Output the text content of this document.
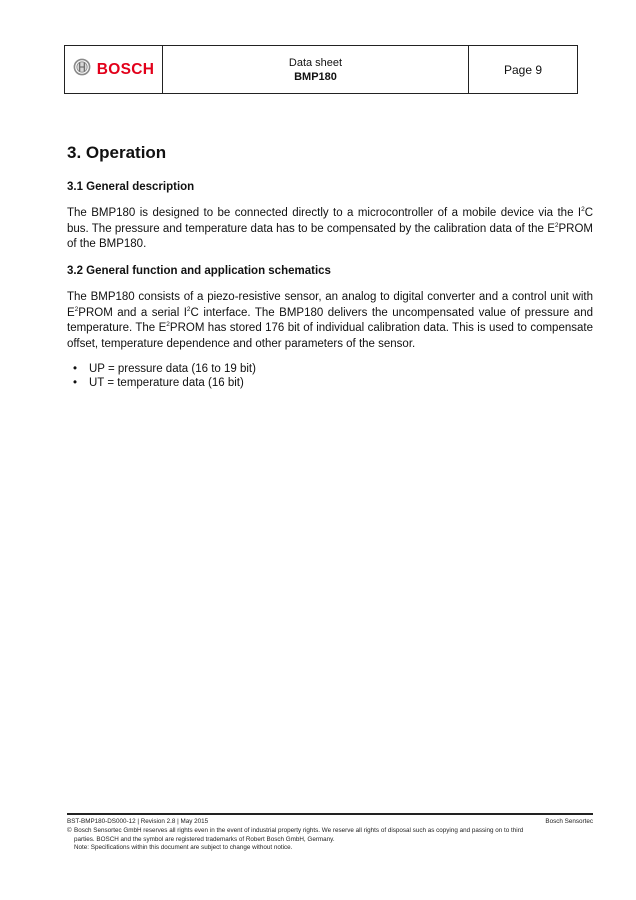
BOSCH	Data sheet
BMP180	Page 9
3. Operation
3.1 General description

The BMP180 is designed to be connected directly to a microcontroller of a mobile device via the $I^2C$ bus. The pressure and temperature data has to be compensated by the calibration data of the $E^2PROM$ of the BMP180.

3.2 General function and application schematics

The BMP180 consists of a piezo-resistive sensor, an analog to digital converter and a control unit with $E^2PROM$ and a serial $I^2C$ interface. The BMP180 delivers the uncompensated value of pressure and temperature. The $E^2PROM$ has stored 176 bit of individual calibration data. This is used to compensate offset, temperature dependence and other parameters of the sensor.

•	UP = pressure data (16 to 19 bit)
•	UT = temperature data (16 bit)
BST-BMP180-DS000-12 | Revision 2.8 | May 2015	Bosch Sensortec
© Bosch Sensortec GmbH reserves all rights even in the event of industrial property rights. We reserve all rights of disposal such as copying and passing on to third
parties. BOSCH and the symbol are registered trademarks of Robert Bosch GmbH, Germany.
Note: Specifications within this document are subject to change without notice.
